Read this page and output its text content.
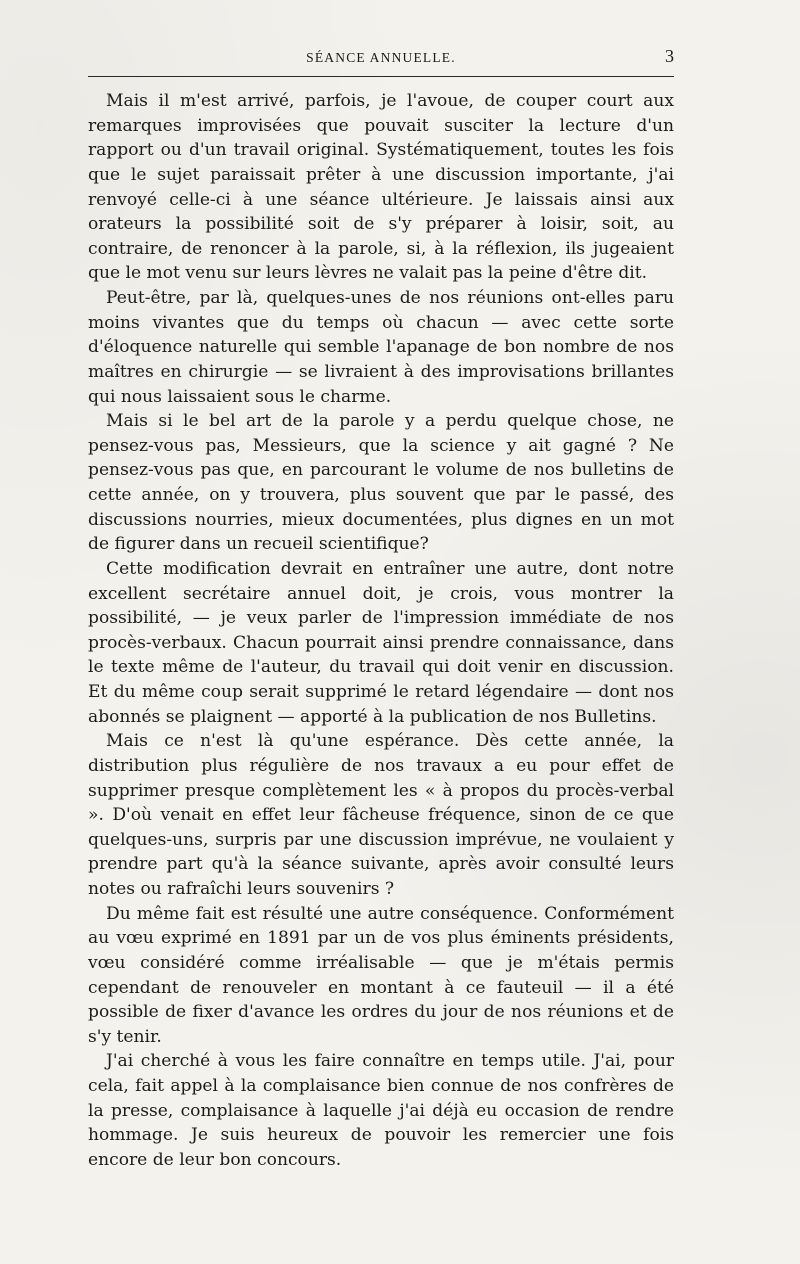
SÉANCE ANNUELLE.	3

Mais il m'est arrivé, parfois, je l'avoue, de couper court aux remarques improvisées que pouvait susciter la lecture d'un rapport ou d'un travail original. Systématiquement, toutes les fois que le sujet paraissait prêter à une discussion importante, j'ai renvoyé celle-ci à une séance ultérieure. Je laissais ainsi aux orateurs la possibilité soit de s'y préparer à loisir, soit, au contraire, de renoncer à la parole, si, à la réflexion, ils jugeaient que le mot venu sur leurs lèvres ne valait pas la peine d'être dit.

Peut-être, par là, quelques-unes de nos réunions ont-elles paru moins vivantes que du temps où chacun — avec cette sorte d'éloquence naturelle qui semble l'apanage de bon nombre de nos maîtres en chirurgie — se livraient à des improvisations brillantes qui nous laissaient sous le charme.

Mais si le bel art de la parole y a perdu quelque chose, ne pensez-vous pas, Messieurs, que la science y ait gagné ? Ne pensez-vous pas que, en parcourant le volume de nos bulletins de cette année, on y trouvera, plus souvent que par le passé, des discussions nourries, mieux documentées, plus dignes en un mot de figurer dans un recueil scientifique?

Cette modification devrait en entraîner une autre, dont notre excellent secrétaire annuel doit, je crois, vous montrer la possibilité, — je veux parler de l'impression immédiate de nos procès-verbaux. Chacun pourrait ainsi prendre connaissance, dans le texte même de l'auteur, du travail qui doit venir en discussion. Et du même coup serait supprimé le retard légendaire — dont nos abonnés se plaignent — apporté à la publication de nos Bulletins.

Mais ce n'est là qu'une espérance. Dès cette année, la distribution plus régulière de nos travaux a eu pour effet de supprimer presque complètement les « à propos du procès-verbal ». D'où venait en effet leur fâcheuse fréquence, sinon de ce que quelques-uns, surpris par une discussion imprévue, ne voulaient y prendre part qu'à la séance suivante, après avoir consulté leurs notes ou rafraîchi leurs souvenirs ?

Du même fait est résulté une autre conséquence. Conformément au vœu exprimé en 1891 par un de vos plus éminents présidents, vœu considéré comme irréalisable — que je m'étais permis cependant de renouveler en montant à ce fauteuil — il a été possible de fixer d'avance les ordres du jour de nos réunions et de s'y tenir.

J'ai cherché à vous les faire connaître en temps utile. J'ai, pour cela, fait appel à la complaisance bien connue de nos confrères de la presse, complaisance à laquelle j'ai déjà eu occasion de rendre hommage. Je suis heureux de pouvoir les remercier une fois encore de leur bon concours.
